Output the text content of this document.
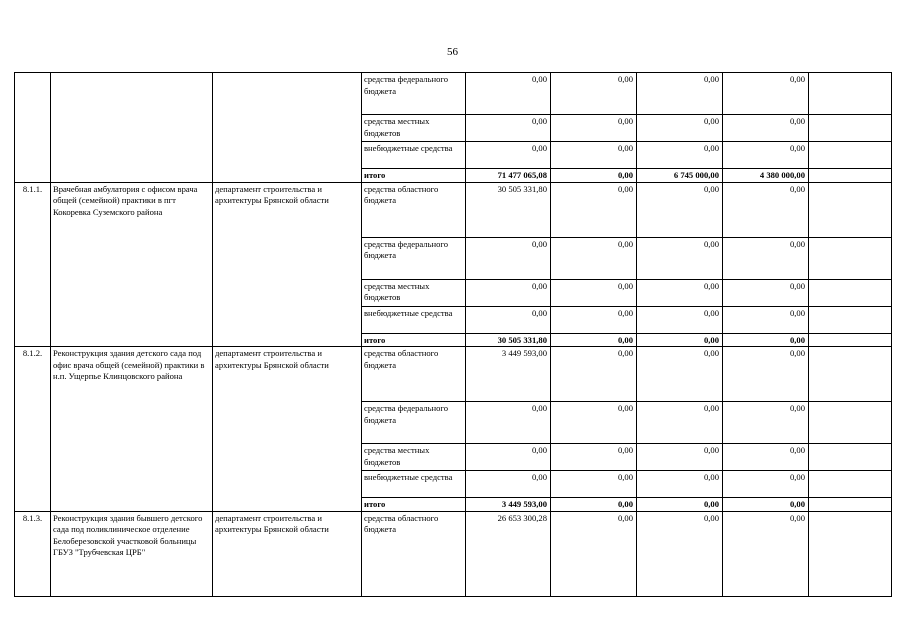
56
			средства федерального бюджета	0,00	0,00	0,00	0,00	
			средства местных бюджетов	0,00	0,00	0,00	0,00	
			внебюджетные средства	0,00	0,00	0,00	0,00	
			итого	71 477 065,08	0,00	6 745 000,00	4 380 000,00	
8.1.1.	Врачебная амбулатория с офисом врача общей (семейной) практики в пгт Кокоревка Суземского района	департамент строительства и архитектуры Брянской области	средства областного бюджета	30 505 331,80	0,00	0,00	0,00	
			средства федерального бюджета	0,00	0,00	0,00	0,00	
			средства местных бюджетов	0,00	0,00	0,00	0,00	
			внебюджетные средства	0,00	0,00	0,00	0,00	
			итого	30 505 331,80	0,00	0,00	0,00	
8.1.2.	Реконструкция здания детского сада под офис врача общей (семейной) практики в н.п. Ущерпье Клинцовского района	департамент строительства и архитектуры Брянской области	средства областного бюджета	3 449 593,00	0,00	0,00	0,00	
			средства федерального бюджета	0,00	0,00	0,00	0,00	
			средства местных бюджетов	0,00	0,00	0,00	0,00	
			внебюджетные средства	0,00	0,00	0,00	0,00	
			итого	3 449 593,00	0,00	0,00	0,00	
8.1.3.	Реконструкция здания бывшего детского сада под поликлиническое отделение Белоберезовской участковой больницы ГБУЗ "Трубчевская ЦРБ"	департамент строительства и архитектуры Брянской области	средства областного бюджета	26 653 300,28	0,00	0,00	0,00	
